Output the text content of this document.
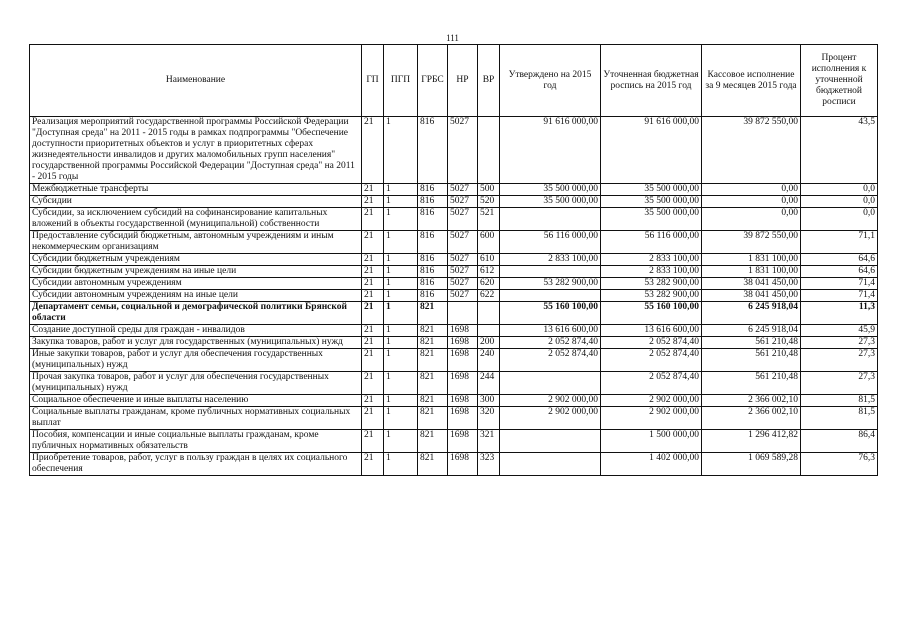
111
Наименование	ГП	ПГП	ГРБС	НР	ВР	Утверждено на 2015 год	Уточненная бюджетная роспись на 2015 год	Кассовое исполнение за 9 месяцев 2015 года	Процент исполнения к уточненной бюджетной росписи
Реализация мероприятий государственной программы Российской Федерации "Доступная среда" на 2011 - 2015 годы в рамках подпрограммы "Обеспечение доступности приоритетных объектов и услуг в приоритетных сферах жизнедеятельности инвалидов и других маломобильных групп населения" государственной программы Российской Федерации "Доступная среда" на 2011 - 2015 годы	21	1	816	5027		91 616 000,00	91 616 000,00	39 872 550,00	43,5
Межбюджетные трансферты	21	1	816	5027	500	35 500 000,00	35 500 000,00	0,00	0,0
Субсидии	21	1	816	5027	520	35 500 000,00	35 500 000,00	0,00	0,0
Субсидии, за исключением субсидий на софинансирование капитальных вложений в объекты государственной (муниципальной) собственности	21	1	816	5027	521		35 500 000,00	0,00	0,0
Предоставление субсидий бюджетным, автономным учреждениям и иным некоммерческим организациям	21	1	816	5027	600	56 116 000,00	56 116 000,00	39 872 550,00	71,1
Субсидии бюджетным учреждениям	21	1	816	5027	610	2 833 100,00	2 833 100,00	1 831 100,00	64,6
Субсидии бюджетным учреждениям на иные цели	21	1	816	5027	612		2 833 100,00	1 831 100,00	64,6
Субсидии автономным учреждениям	21	1	816	5027	620	53 282 900,00	53 282 900,00	38 041 450,00	71,4
Субсидии автономным учреждениям на иные цели	21	1	816	5027	622		53 282 900,00	38 041 450,00	71,4
Департамент семьи, социальной и демографической политики Брянской области	21	1	821			55 160 100,00	55 160 100,00	6 245 918,04	11,3
Создание доступной среды для граждан - инвалидов	21	1	821	1698		13 616 600,00	13 616 600,00	6 245 918,04	45,9
Закупка товаров, работ и услуг для государственных (муниципальных) нужд	21	1	821	1698	200	2 052 874,40	2 052 874,40	561 210,48	27,3
Иные закупки товаров, работ и услуг для обеспечения государственных (муниципальных) нужд	21	1	821	1698	240	2 052 874,40	2 052 874,40	561 210,48	27,3
Прочая закупка товаров, работ и услуг для обеспечения государственных (муниципальных) нужд	21	1	821	1698	244		2 052 874,40	561 210,48	27,3
Социальное обеспечение и иные выплаты населению	21	1	821	1698	300	2 902 000,00	2 902 000,00	2 366 002,10	81,5
Социальные выплаты гражданам, кроме публичных нормативных социальных выплат	21	1	821	1698	320	2 902 000,00	2 902 000,00	2 366 002,10	81,5
Пособия, компенсации и иные социальные выплаты гражданам, кроме публичных нормативных обязательств	21	1	821	1698	321		1 500 000,00	1 296 412,82	86,4
Приобретение товаров, работ, услуг в пользу граждан в целях их социального обеспечения	21	1	821	1698	323		1 402 000,00	1 069 589,28	76,3
